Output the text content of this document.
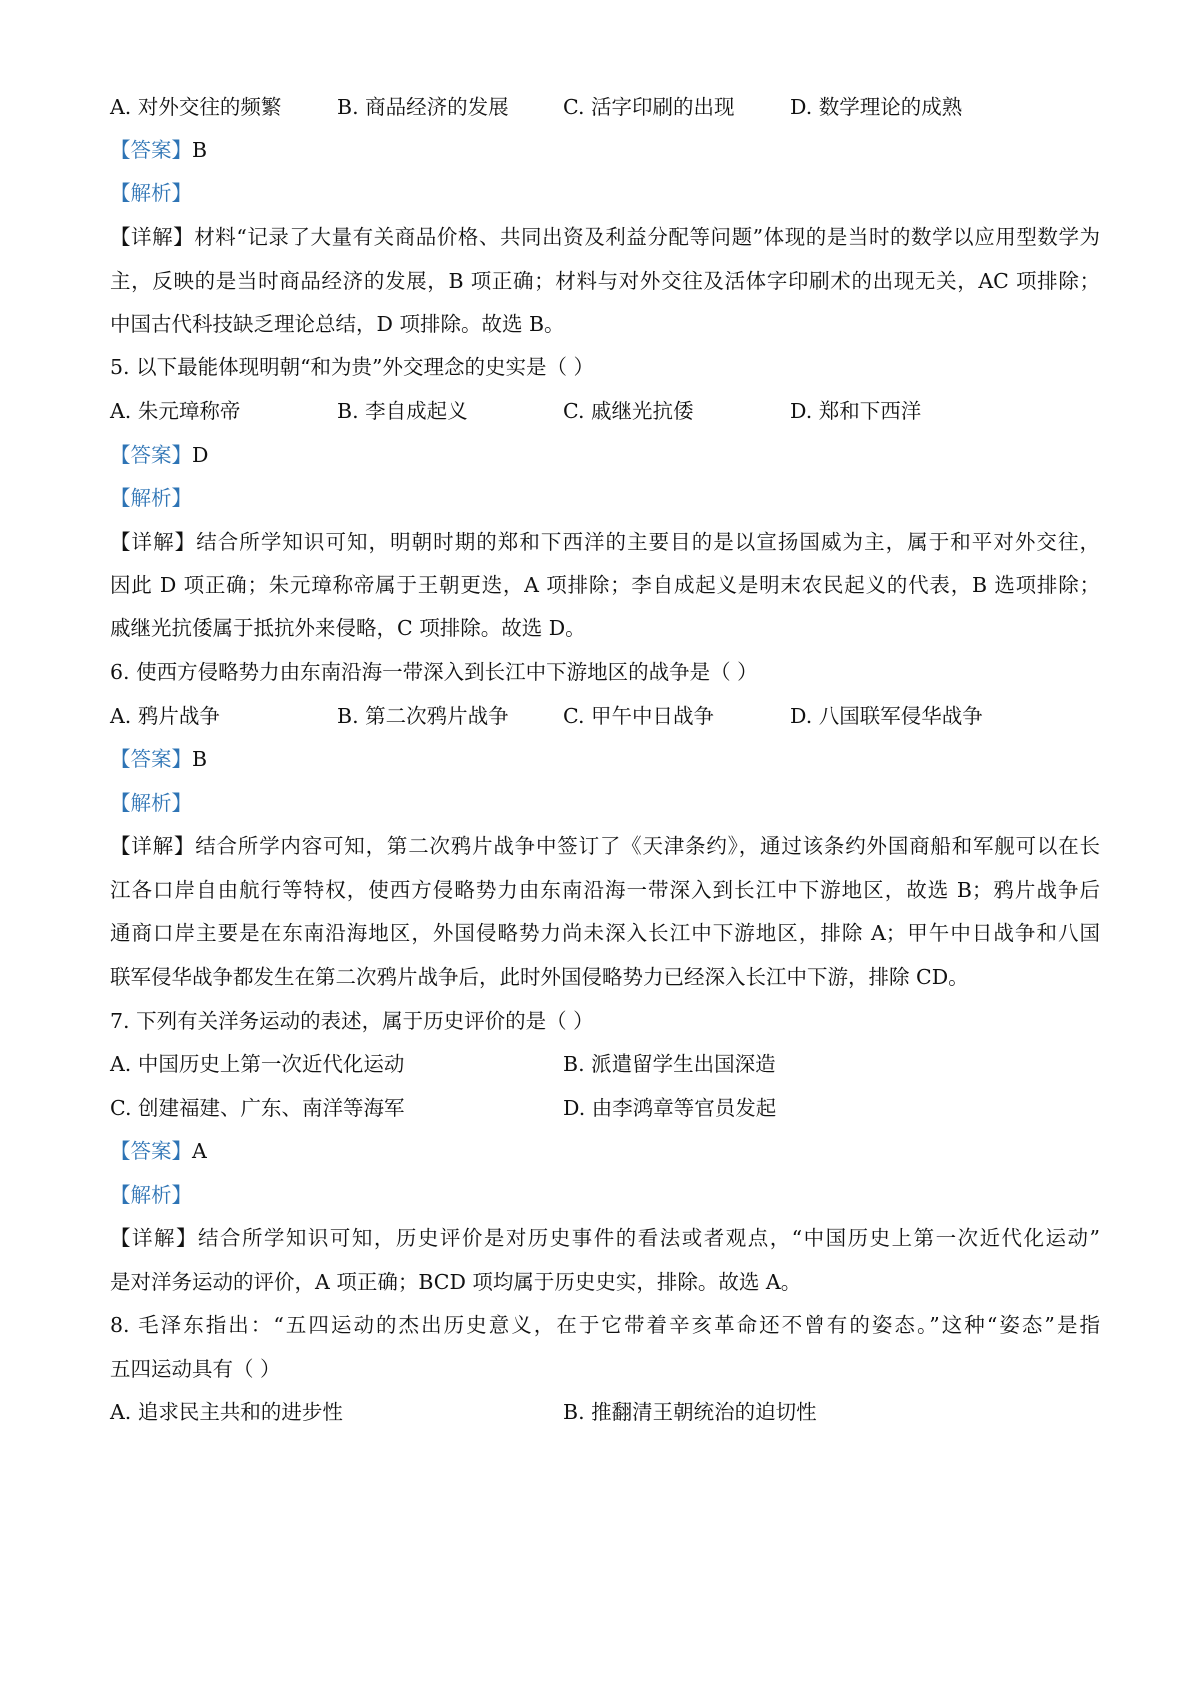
A. 对外交往的频繁	B. 商品经济的发展	C. 活字印刷的出现	D. 数学理论的成熟
【答案】B
【解析】
【详解】材料“记录了大量有关商品价格、共同出资及利益分配等问题”体现的是当时的数学以应用型数学为
主，反映的是当时商品经济的发展，B 项正确；材料与对外交往及活体字印刷术的出现无关，AC 项排除；
中国古代科技缺乏理论总结，D 项排除。故选 B。
5. 以下最能体现明朝“和为贵”外交理念的史实是（ ）
A. 朱元璋称帝	B. 李自成起义	C. 戚继光抗倭	D. 郑和下西洋
【答案】D
【解析】
【详解】结合所学知识可知，明朝时期的郑和下西洋的主要目的是以宣扬国威为主，属于和平对外交往，
因此 D 项正确；朱元璋称帝属于王朝更迭，A 项排除；李自成起义是明末农民起义的代表，B 选项排除；
戚继光抗倭属于抵抗外来侵略，C 项排除。故选 D。
6. 使西方侵略势力由东南沿海一带深入到长江中下游地区的战争是（ ）
A. 鸦片战争	B. 第二次鸦片战争	C. 甲午中日战争	D. 八国联军侵华战争
【答案】B
【解析】
【详解】结合所学内容可知，第二次鸦片战争中签订了《天津条约》，通过该条约外国商船和军舰可以在长
江各口岸自由航行等特权，使西方侵略势力由东南沿海一带深入到长江中下游地区，故选 B；鸦片战争后
通商口岸主要是在东南沿海地区，外国侵略势力尚未深入长江中下游地区，排除 A；甲午中日战争和八国
联军侵华战争都发生在第二次鸦片战争后，此时外国侵略势力已经深入长江中下游，排除 CD。
7. 下列有关洋务运动的表述，属于历史评价的是（ ）
A. 中国历史上第一次近代化运动	B. 派遣留学生出国深造
C. 创建福建、广东、南洋等海军	D. 由李鸿章等官员发起
【答案】A
【解析】
【详解】结合所学知识可知，历史评价是对历史事件的看法或者观点，“中国历史上第一次近代化运动”
是对洋务运动的评价，A 项正确；BCD 项均属于历史史实，排除。故选 A。
8. 毛泽东指出：“五四运动的杰出历史意义，在于它带着辛亥革命还不曾有的姿态。”这种“姿态”是指
五四运动具有（ ）
A. 追求民主共和的进步性	B. 推翻清王朝统治的迫切性
